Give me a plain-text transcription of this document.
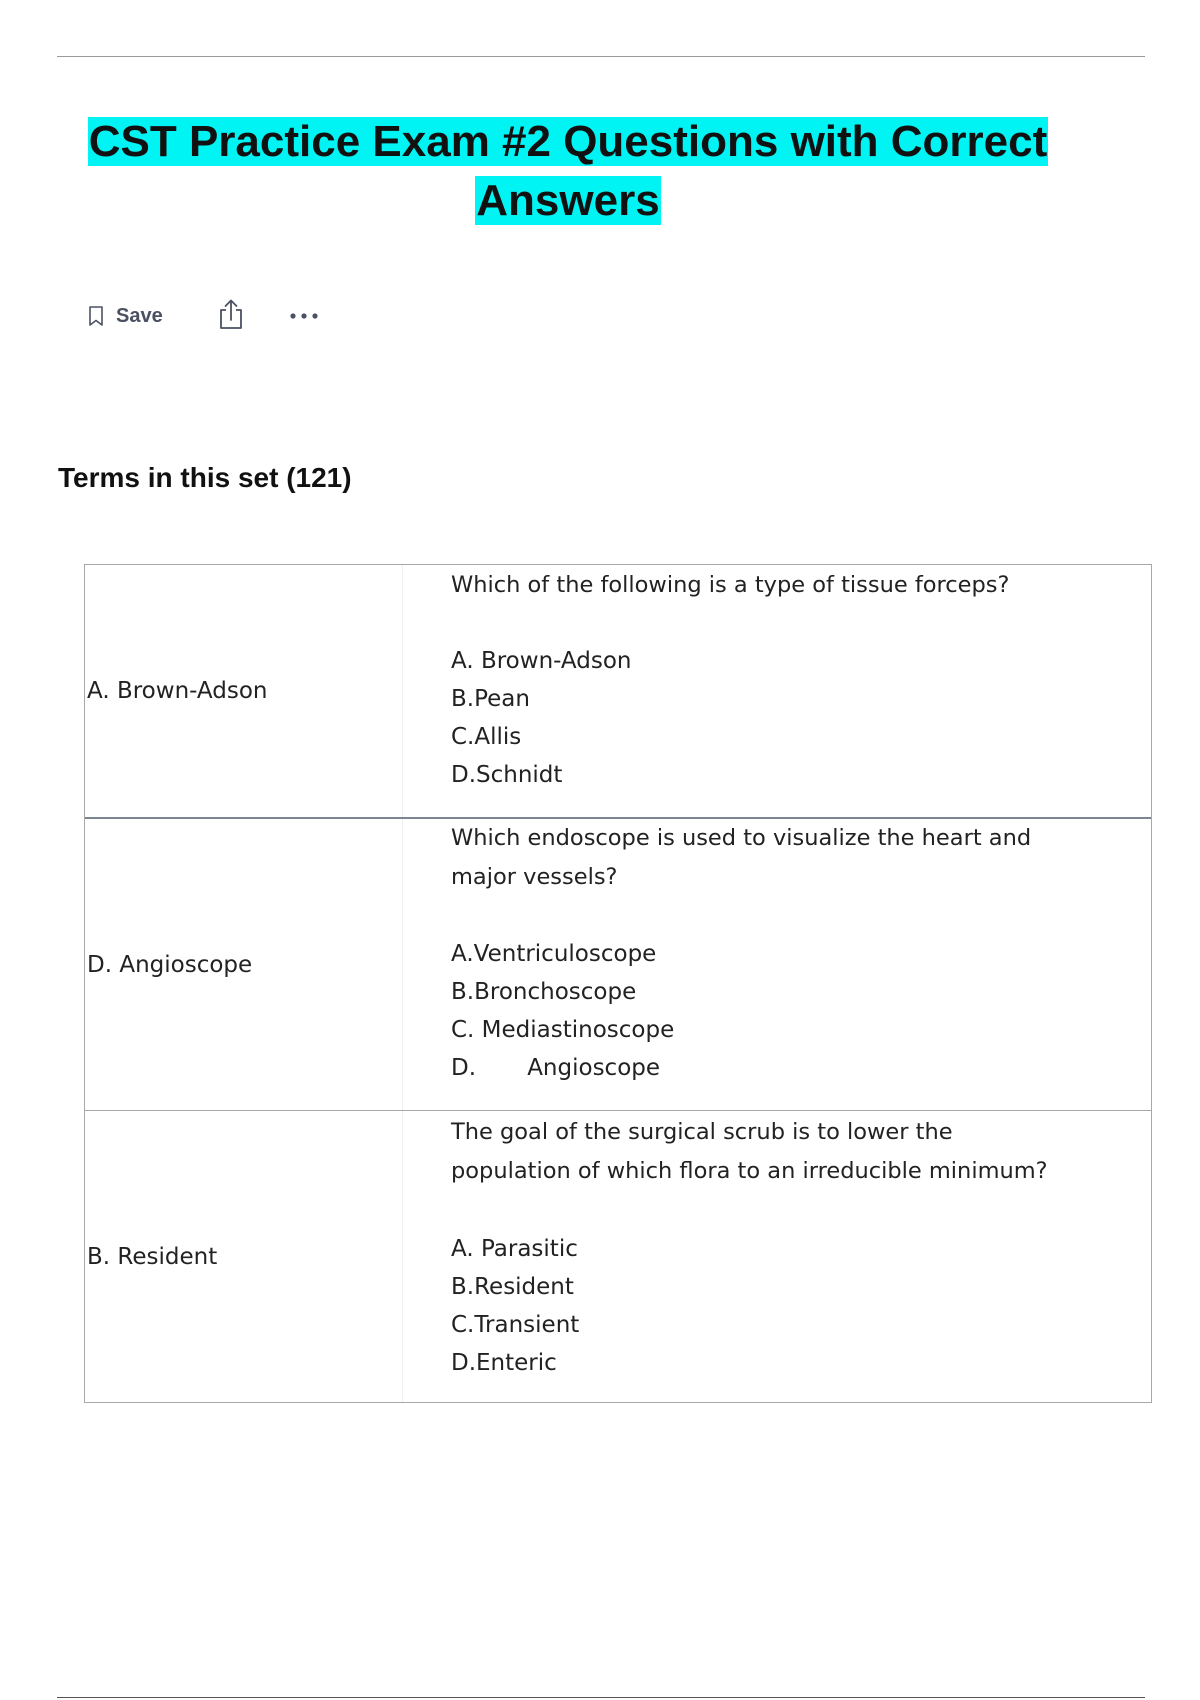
CST Practice Exam #2 Questions with Correct Answers
Save
Terms in this set (121)
A. Brown-Adson

Which of the following is a type of tissue forceps?

A. Brown-Adson
B.Pean
C.Allis
D.Schnidt
D. Angioscope

Which endoscope is used to visualize the heart and major vessels?

A.Ventriculoscope
B.Bronchoscope
C. Mediastinoscope
D.       Angioscope
B. Resident

The goal of the surgical scrub is to lower the population of which flora to an irreducible minimum?

A. Parasitic
B.Resident
C.Transient
D.Enteric
